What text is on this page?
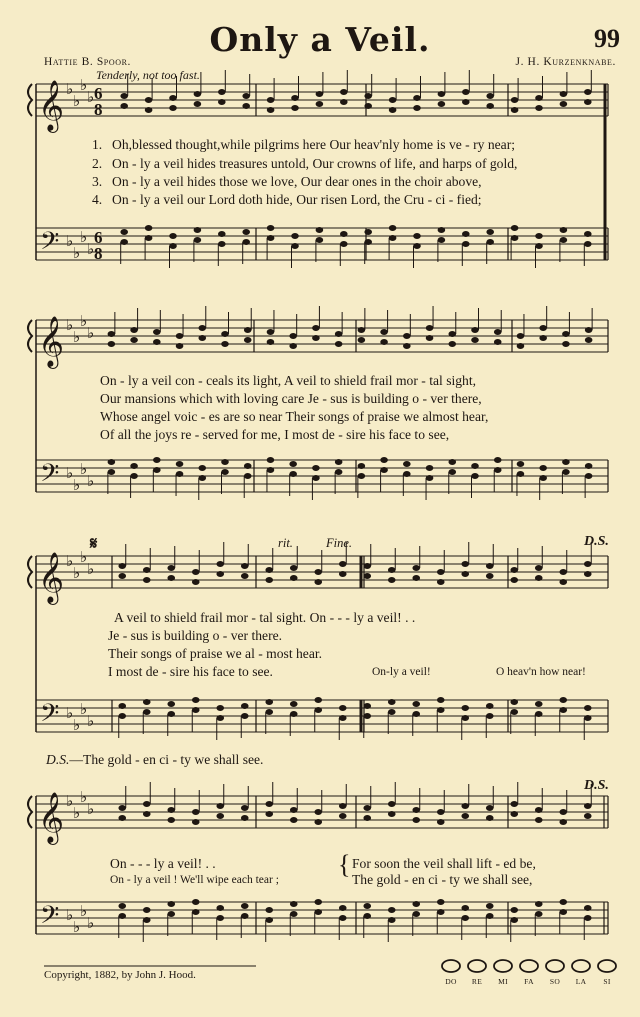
𝄞
𝄢
♭
♭
♭
♭
♭
♭
♭
♭
6
8
6
8
𝄞
𝄢
♭
♭
♭
♭
♭
♭
♭
♭
𝄞
𝄢
♭
♭
♭
♭
♭
♭
♭
♭
𝄞
𝄢
♭
♭
♭
♭
♭
♭
♭
♭
Only a Veil.	99
Hattie B. Spoor.	J. H. Kurzenknabe.
Tenderly, not too fast.
1. Oh,blessed thought,while pilgrims here Our heav'nly home is ve - ry near;
2. On - ly a veil hides treasures untold, Our crowns of life, and harps of gold,
3. On - ly a veil hides those we love, Our dear ones in the choir above,
4. On - ly a veil our Lord doth hide, Our risen Lord, the Cru - ci - fied;
On - ly a veil con - ceals its light, A veil to shield frail mor - tal sight,
Our mansions which with loving care Je - sus is building o - ver there,
Whose angel voic - es are so near Their songs of praise we almost hear,
Of all the joys re - served for me, I most de - sire his face to see,
𝄋	rit.	Fine.	D.S.
A veil to shield frail mor - tal sight. On - - - ly a veil! . .
Je - sus is building o - ver there.
Their songs of praise we al - most hear.
I most de - sire his face to see.	On-ly a veil!	O heav'n how near!
D.S.—The gold - en ci - ty we shall see.
D.S.
On - - - ly a veil! . .
On - ly a veil ! We'll wipe each tear ;
{ For soon the veil shall lift - ed be,
The gold - en ci - ty we shall see,
Copyright, 1882, by John J. Hood.
DO	RE	MI	FA	SO	LA	SI
